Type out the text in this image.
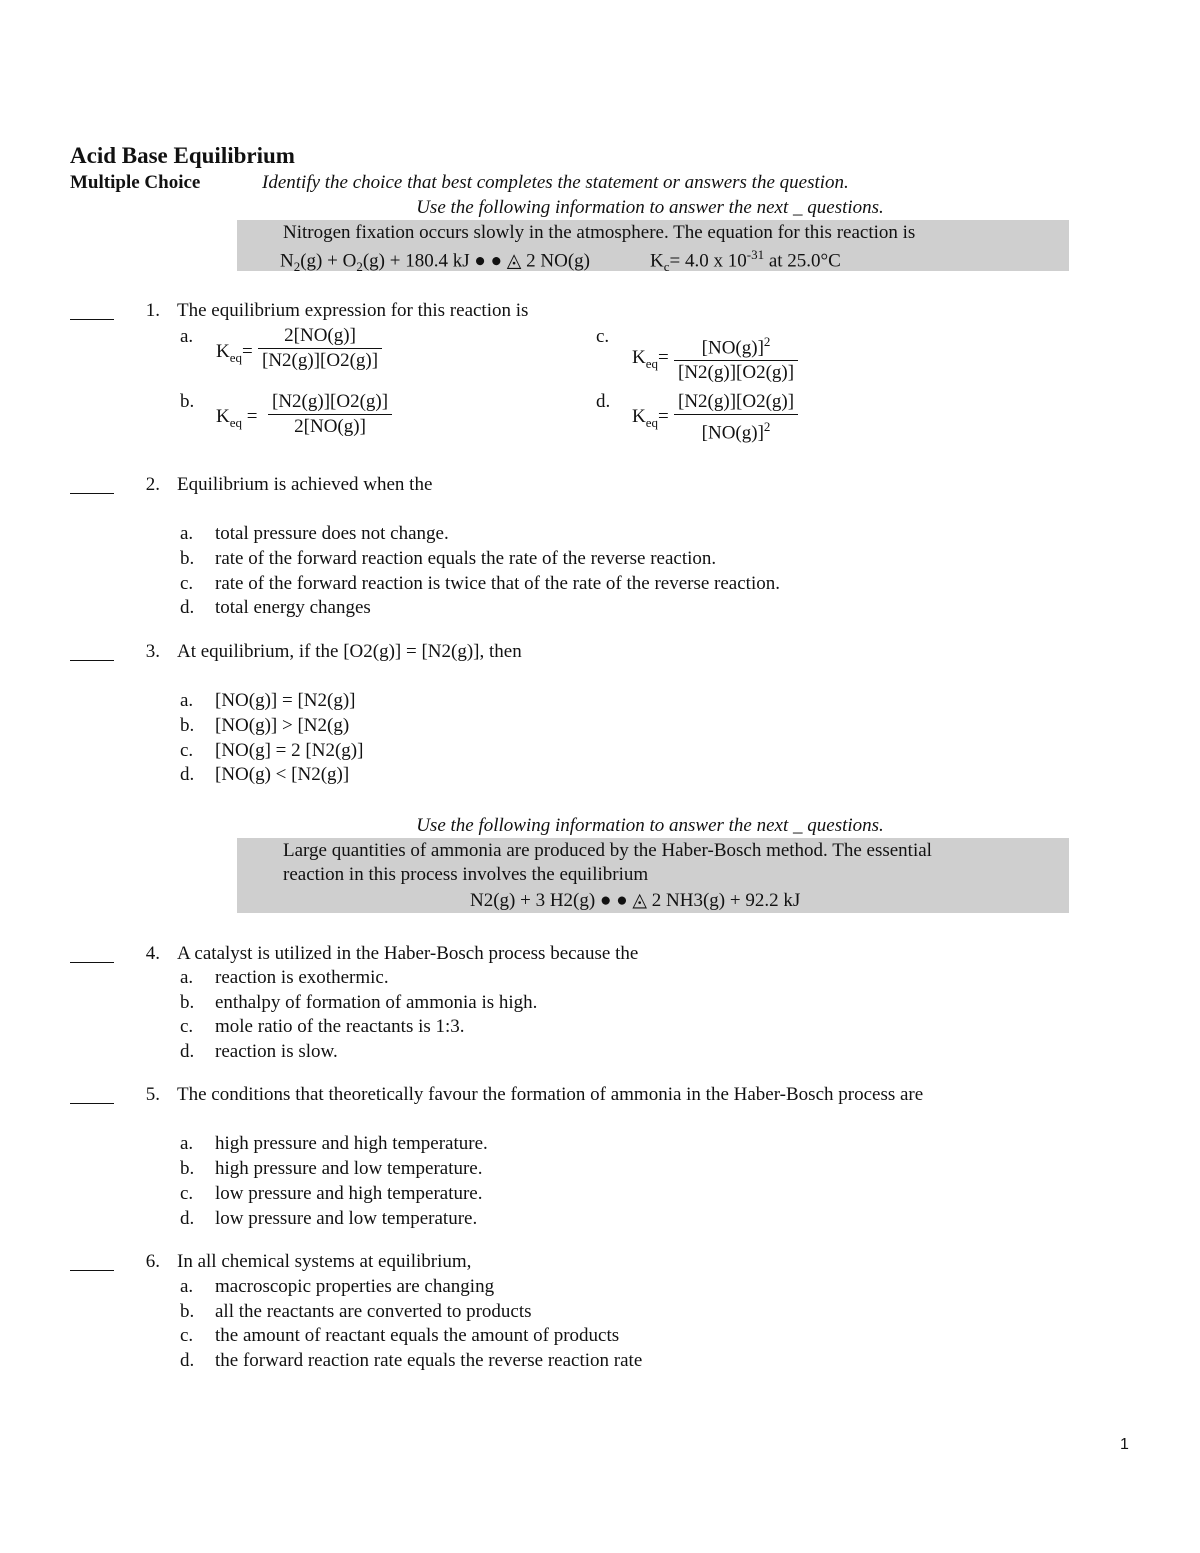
Acid Base Equilibrium
Multiple Choice	Identify the choice that best completes the statement or answers the question.
Use the following information to answer the next _ questions.
Nitrogen fixation occurs slowly in the atmosphere. The equation for this reaction is
$N_2(g) + O_2(g) + 180.4$ kJ ● ● ◬ 2 NO(g)	$K_c= 4.0$ x $10^{-31}$ at 25.0°C
1. The equilibrium expression for this reaction is
a.
$K_{eq}= \frac{2[NO(g)]}{[N2(g)][O2(g)]}$
b.
$K_{eq} = \frac{[N2(g)][O2(g)]}{2[NO(g)]}$
c.
$K_{eq}= \frac{[NO(g)]^2}{[N2(g)][O2(g)]}$
d.
$K_{eq}= \frac{[N2(g)][O2(g)]}{[NO(g)]^2}$
2. Equilibrium is achieved when the
a. total pressure does not change.
b. rate of the forward reaction equals the rate of the reverse reaction.
c. rate of the forward reaction is twice that of the rate of the reverse reaction.
d. total energy changes
3. At equilibrium, if the [O2(g)] = [N2(g)], then
a. [NO(g)] = [N2(g)]
b. [NO(g)] > [N2(g)
c. [NO(g] = 2 [N2(g)]
d. [NO(g) < [N2(g)]
Use the following information to answer the next _ questions.
Large quantities of ammonia are produced by the Haber-Bosch method. The essential
reaction in this process involves the equilibrium
N2(g) + 3 H2(g) ● ● ◬ 2 NH3(g) + 92.2 kJ
4. A catalyst is utilized in the Haber-Bosch process because the
a. reaction is exothermic.
b. enthalpy of formation of ammonia is high.
c. mole ratio of the reactants is 1:3.
d. reaction is slow.
5. The conditions that theoretically favour the formation of ammonia in the Haber-Bosch process are
a. high pressure and high temperature.
b. high pressure and low temperature.
c. low pressure and high temperature.
d. low pressure and low temperature.
6. In all chemical systems at equilibrium,
a. macroscopic properties are changing
b. all the reactants are converted to products
c. the amount of reactant equals the amount of products
d. the forward reaction rate equals the reverse reaction rate
1
